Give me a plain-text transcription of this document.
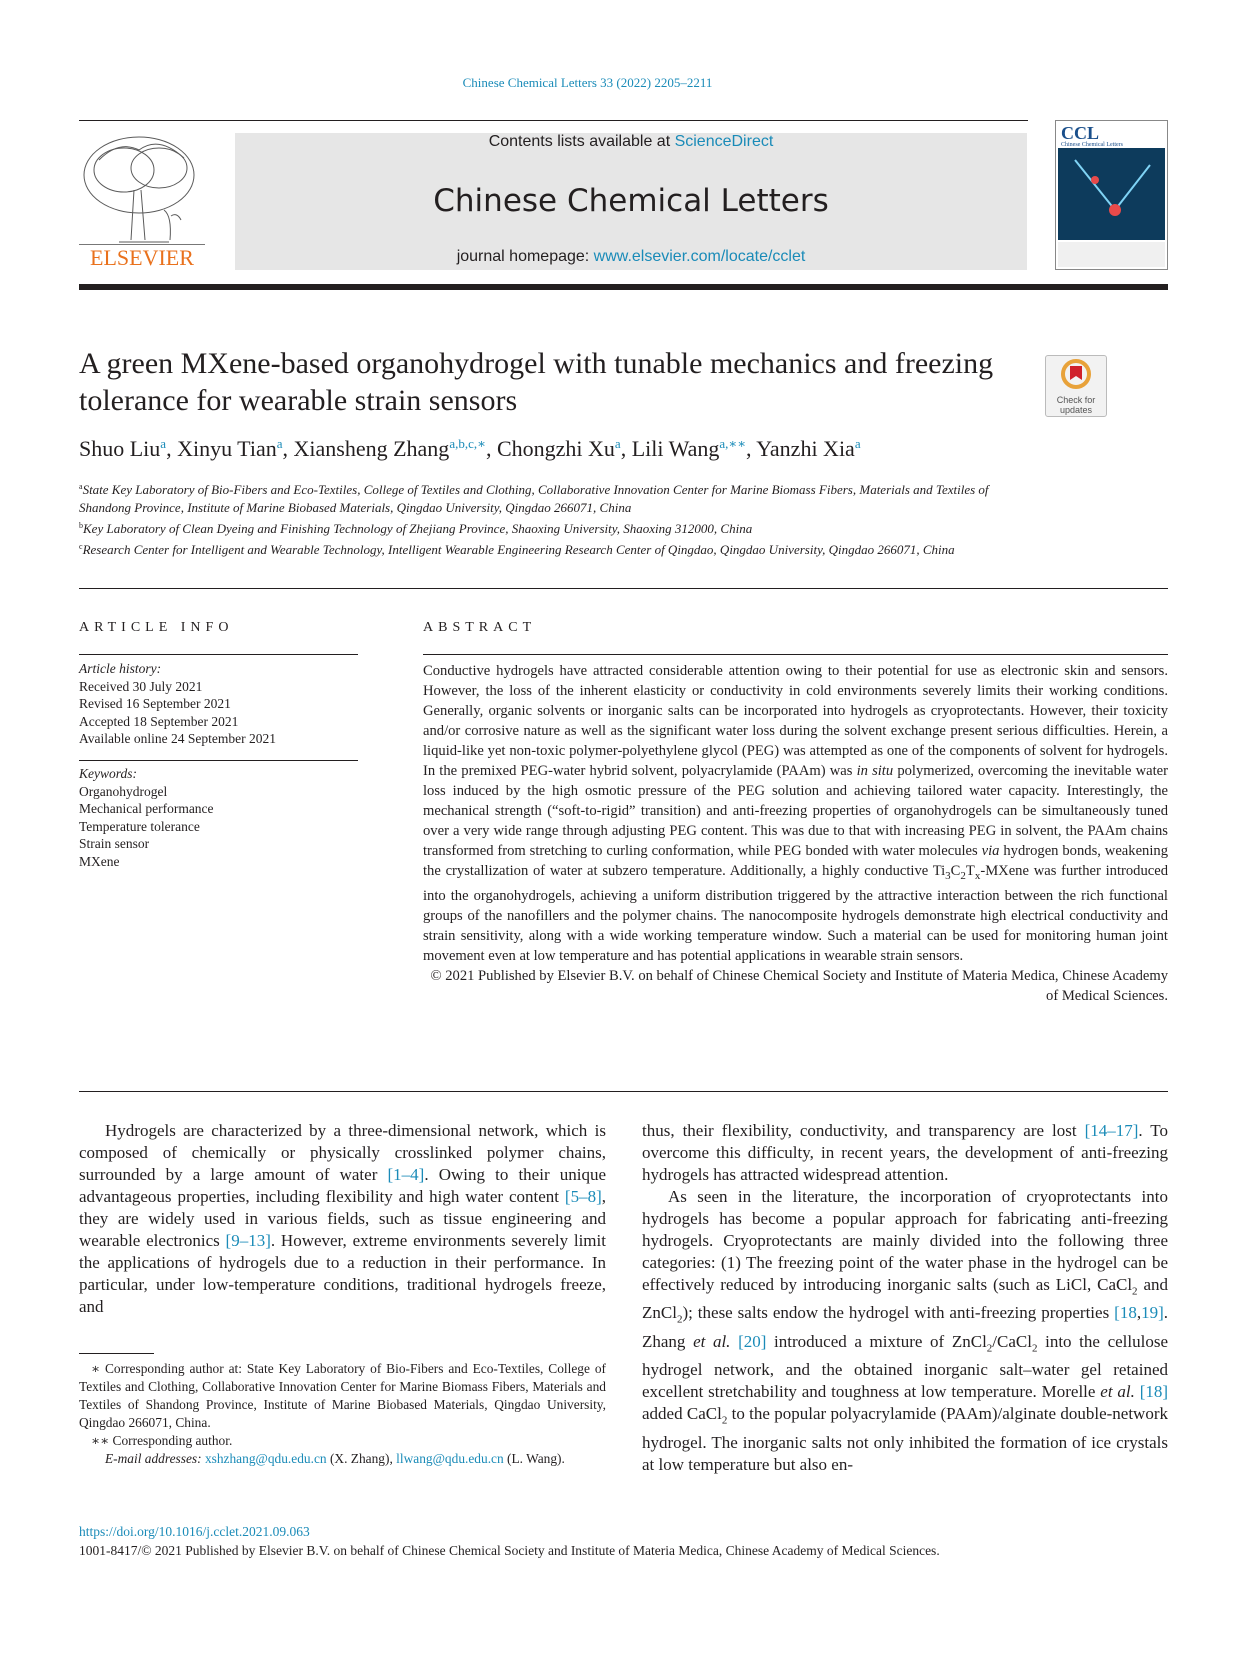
Chinese Chemical Letters 33 (2022) 2205–2211
ELSEVIER
Contents lists available at ScienceDirect
Chinese Chemical Letters
journal homepage: www.elsevier.com/locate/cclet
CCL
Chinese Chemical Letters
A green MXene-based organohydrogel with tunable mechanics and freezing tolerance for wearable strain sensors	Check for updates
Shuo Liu$^a$, Xinyu Tian$^a$, Xiansheng Zhang$^{a,b,c,∗}$, Chongzhi Xu$^a$, Lili Wang$^{a,∗∗}$, Yanzhi Xia$^a$
$^a$State Key Laboratory of Bio-Fibers and Eco-Textiles, College of Textiles and Clothing, Collaborative Innovation Center for Marine Biomass Fibers, Materials and Textiles of Shandong Province, Institute of Marine Biobased Materials, Qingdao University, Qingdao 266071, China
$^b$Key Laboratory of Clean Dyeing and Finishing Technology of Zhejiang Province, Shaoxing University, Shaoxing 312000, China
$^c$Research Center for Intelligent and Wearable Technology, Intelligent Wearable Engineering Research Center of Qingdao, Qingdao University, Qingdao 266071, China
ARTICLE INFO
Article history:
Received 30 July 2021
Revised 16 September 2021
Accepted 18 September 2021
Available online 24 September 2021
Keywords:
Organohydrogel
Mechanical performance
Temperature tolerance
Strain sensor
MXene
ABSTRACT

Conductive hydrogels have attracted considerable attention owing to their potential for use as electronic skin and sensors. However, the loss of the inherent elasticity or conductivity in cold environments severely limits their working conditions. Generally, organic solvents or inorganic salts can be incorporated into hydrogels as cryoprotectants. However, their toxicity and/or corrosive nature as well as the significant water loss during the solvent exchange present serious difficulties. Herein, a liquid-like yet non-toxic polymer-polyethylene glycol (PEG) was attempted as one of the components of solvent for hydrogels. In the premixed PEG-water hybrid solvent, polyacrylamide (PAAm) was in situ polymerized, overcoming the inevitable water loss induced by the high osmotic pressure of the PEG solution and achieving tailored water capacity. Interestingly, the mechanical strength (“soft-to-rigid” transition) and anti-freezing properties of organohydrogels can be simultaneously tuned over a very wide range through adjusting PEG content. This was due to that with increasing PEG in solvent, the PAAm chains transformed from stretching to curling conformation, while PEG bonded with water molecules via hydrogen bonds, weakening the crystallization of water at subzero temperature. Additionally, a highly conductive $Ti_3C_2T_x$-MXene was further introduced into the organohydrogels, achieving a uniform distribution triggered by the attractive interaction between the rich functional groups of the nanofillers and the polymer chains. The nanocomposite hydrogels demonstrate high electrical conductivity and strain sensitivity, along with a wide working temperature window. Such a material can be used for monitoring human joint movement even at low temperature and has potential applications in wearable strain sensors.

© 2021 Published by Elsevier B.V. on behalf of Chinese Chemical Society and Institute of Materia Medica, Chinese Academy of Medical Sciences.

Hydrogels are characterized by a three-dimensional network, which is composed of chemically or physically crosslinked polymer chains, surrounded by a large amount of water [1–4]. Owing to their unique advantageous properties, including flexibility and high water content [5–8], they are widely used in various fields, such as tissue engineering and wearable electronics [9–13]. However, extreme environments severely limit the applications of hydrogels due to a reduction in their performance. In particular, under low-temperature conditions, traditional hydrogels freeze, and

thus, their flexibility, conductivity, and transparency are lost [14–17]. To overcome this difficulty, in recent years, the development of anti-freezing hydrogels has attracted widespread attention.

As seen in the literature, the incorporation of cryoprotectants into hydrogels has become a popular approach for fabricating anti-freezing hydrogels. Cryoprotectants are mainly divided into the following three categories: (1) The freezing point of the water phase in the hydrogel can be effectively reduced by introducing inorganic salts (such as LiCl, CaCl$_2$ and ZnCl$_2$); these salts endow the hydrogel with anti-freezing properties [18,19]. Zhang et al. [20] introduced a mixture of ZnCl$_2$/CaCl$_2$ into the cellulose hydrogel network, and the obtained inorganic salt–water gel retained excellent stretchability and toughness at low temperature. Morelle et al. [18] added CaCl$_2$ to the popular polyacrylamide (PAAm)/alginate double-network hydrogel. The inorganic salts not only inhibited the formation of ice crystals at low temperature but also en-

∗ Corresponding author at: State Key Laboratory of Bio-Fibers and Eco-Textiles, College of Textiles and Clothing, Collaborative Innovation Center for Marine Biomass Fibers, Materials and Textiles of Shandong Province, Institute of Marine Biobased Materials, Qingdao University, Qingdao 266071, China.

∗∗ Corresponding author.

E-mail addresses: xshzhang@qdu.edu.cn (X. Zhang), llwang@qdu.edu.cn (L. Wang).

https://doi.org/10.1016/j.cclet.2021.09.063
1001-8417/© 2021 Published by Elsevier B.V. on behalf of Chinese Chemical Society and Institute of Materia Medica, Chinese Academy of Medical Sciences.
